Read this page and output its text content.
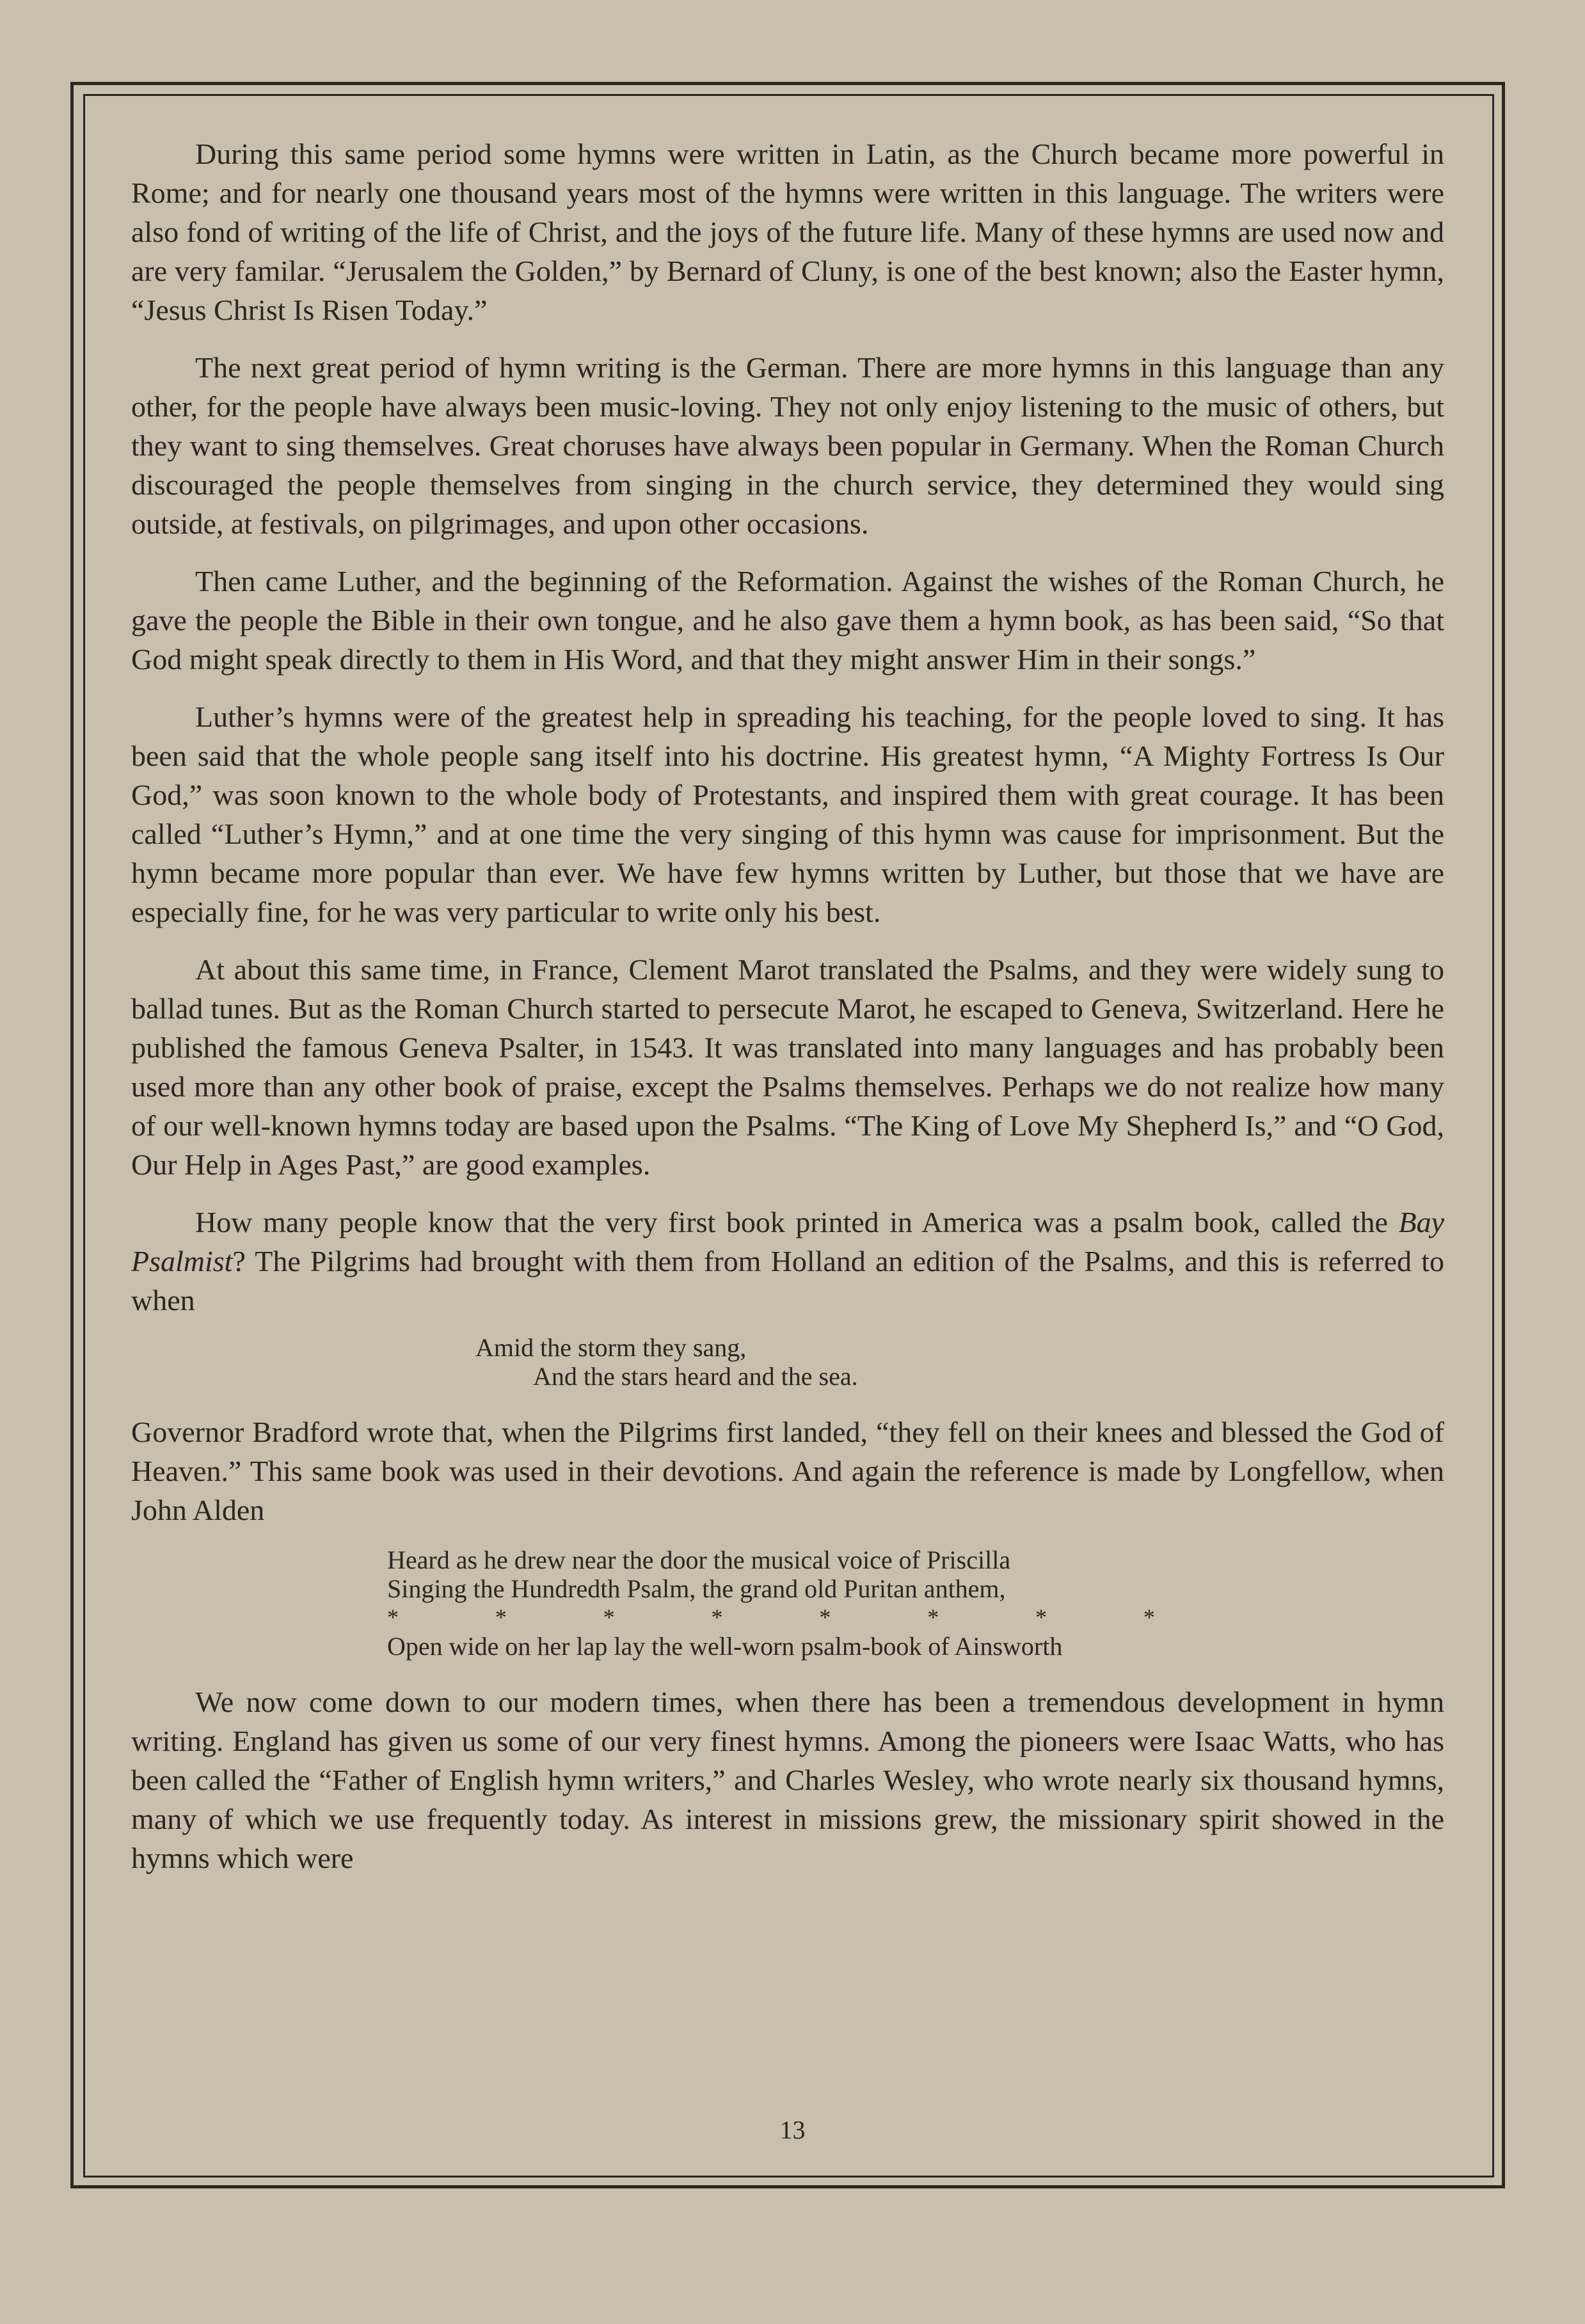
During this same period some hymns were written in Latin, as the Church became more powerful in Rome; and for nearly one thousand years most of the hymns were written in this language. The writers were also fond of writing of the life of Christ, and the joys of the future life. Many of these hymns are used now and are very familar. “Jerusalem the Golden,” by Bernard of Cluny, is one of the best known; also the Easter hymn, “Jesus Christ Is Risen Today.”

The next great period of hymn writing is the German. There are more hymns in this language than any other, for the people have always been music-loving. They not only enjoy listening to the music of others, but they want to sing themselves. Great choruses have always been popular in Germany. When the Roman Church discouraged the people themselves from singing in the church service, they determined they would sing outside, at festivals, on pilgrimages, and upon other occasions.

Then came Luther, and the beginning of the Reformation. Against the wishes of the Roman Church, he gave the people the Bible in their own tongue, and he also gave them a hymn book, as has been said, “So that God might speak directly to them in His Word, and that they might answer Him in their songs.”

Luther’s hymns were of the greatest help in spreading his teaching, for the people loved to sing. It has been said that the whole people sang itself into his doctrine. His greatest hymn, “A Mighty Fortress Is Our God,” was soon known to the whole body of Protestants, and inspired them with great courage. It has been called “Luther’s Hymn,” and at one time the very singing of this hymn was cause for imprisonment. But the hymn became more popular than ever. We have few hymns written by Luther, but those that we have are especially fine, for he was very particular to write only his best.

At about this same time, in France, Clement Marot translated the Psalms, and they were widely sung to ballad tunes. But as the Roman Church started to persecute Marot, he escaped to Geneva, Switzerland. Here he published the famous Geneva Psalter, in 1543. It was translated into many languages and has probably been used more than any other book of praise, except the Psalms themselves. Perhaps we do not realize how many of our well-known hymns today are based upon the Psalms. “The King of Love My Shepherd Is,” and “O God, Our Help in Ages Past,” are good examples.

How many people know that the very first book printed in America was a psalm book, called the Bay Psalmist? The Pilgrims had brought with them from Holland an edition of the Psalms, and this is referred to when

Amid the storm they sang,
And the stars heard and the sea.

Governor Bradford wrote that, when the Pilgrims first landed, “they fell on their knees and blessed the God of Heaven.” This same book was used in their devotions. And again the reference is made by Longfellow, when John Alden

Heard as he drew near the door the musical voice of Priscilla
Singing the Hundredth Psalm, the grand old Puritan anthem,
*	*	*	*	*	*	*	*
Open wide on her lap lay the well-worn psalm-book of Ainsworth

We now come down to our modern times, when there has been a tremendous development in hymn writing. England has given us some of our very finest hymns. Among the pioneers were Isaac Watts, who has been called the “Father of English hymn writers,” and Charles Wesley, who wrote nearly six thousand hymns, many of which we use frequently today. As interest in missions grew, the missionary spirit showed in the hymns which were

13
